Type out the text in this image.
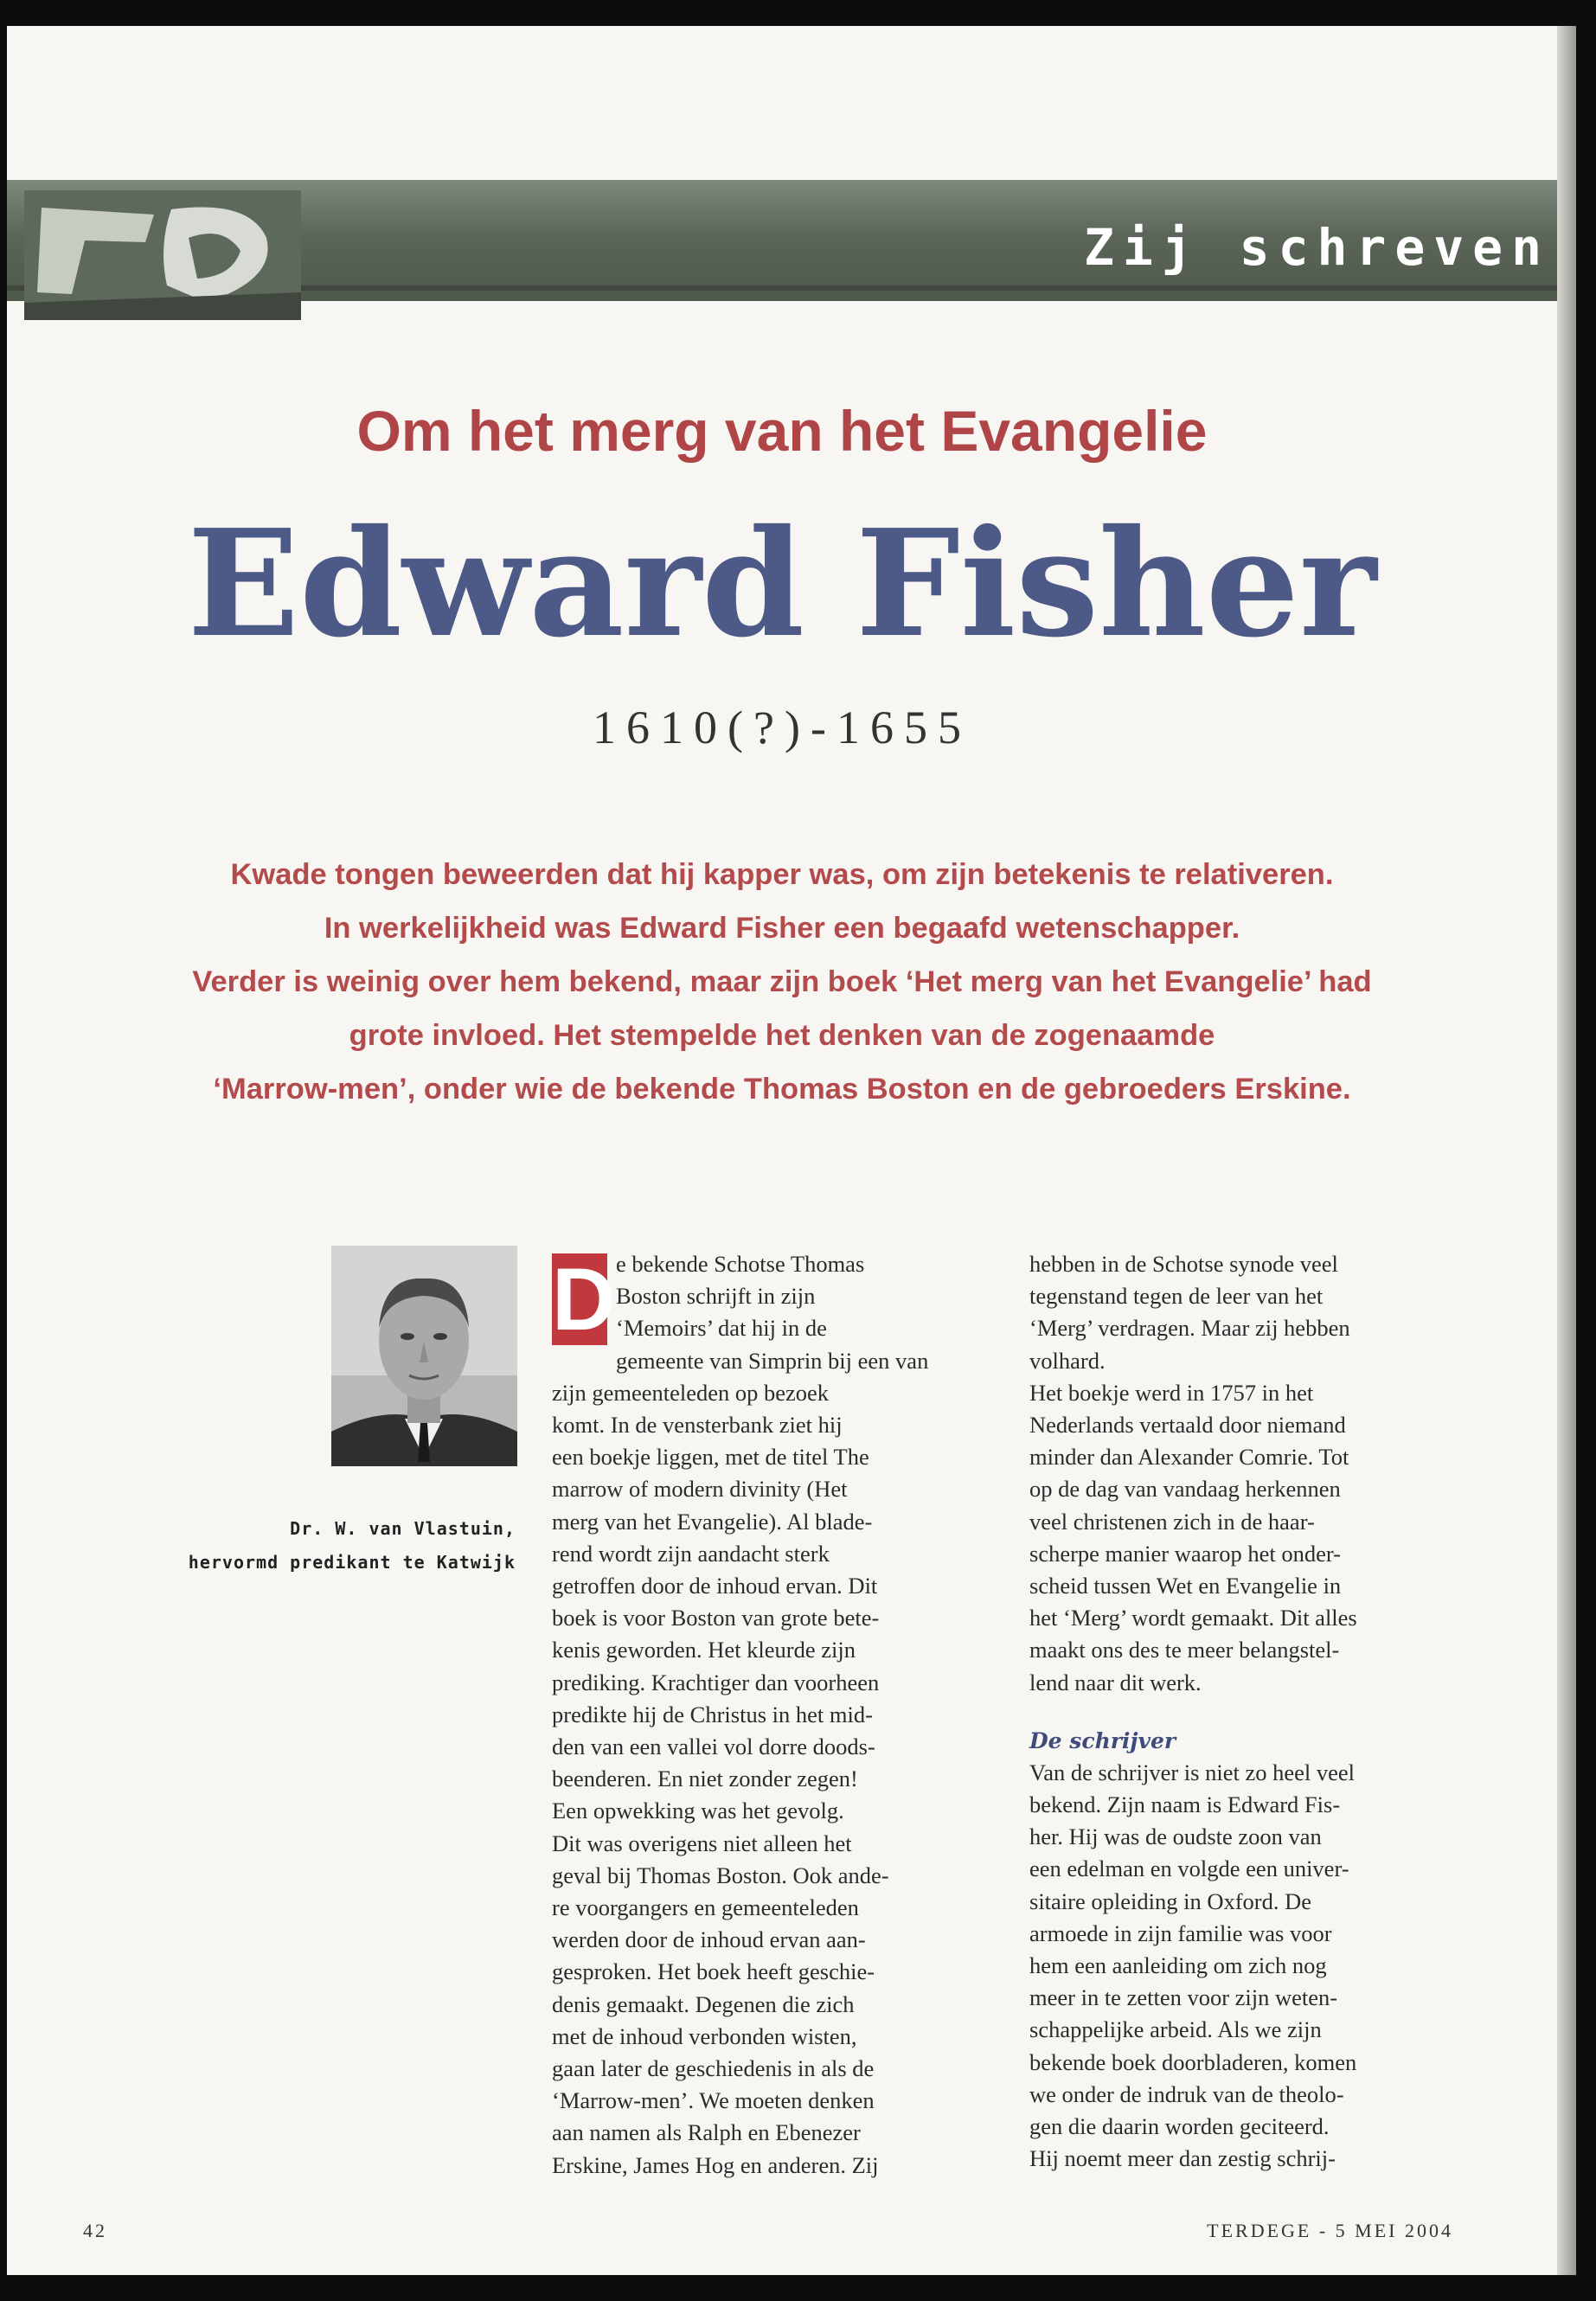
Zij schreven
Om het merg van het Evangelie
Edward Fisher

1610(?)-1655

Kwade tongen beweerden dat hij kapper was, om zijn betekenis te relativeren.
In werkelijkheid was Edward Fisher een begaafd wetenschapper.
Verder is weinig over hem bekend, maar zijn boek ‘Het merg van het Evangelie’ had
grote invloed. Het stempelde het denken van de zogenaamde
‘Marrow-men’, onder wie de bekende Thomas Boston en de gebroeders Erskine.

Dr. W. van Vlastuin,
hervormd predikant te Katwijk

D e bekende Schotse Thomas

Boston schrijft in zijn

‘Memoirs’ dat hij in de

gemeente van Simprin bij een van

zijn gemeenteleden op bezoek

komt. In de vensterbank ziet hij

een boekje liggen, met de titel The

marrow of modern divinity (Het

merg van het Evangelie). Al blade-

rend wordt zijn aandacht sterk

getroffen door de inhoud ervan. Dit

boek is voor Boston van grote bete-

kenis geworden. Het kleurde zijn

prediking. Krachtiger dan voorheen

predikte hij de Christus in het mid-

den van een vallei vol dorre doods-

beenderen. En niet zonder zegen!

Een opwekking was het gevolg.

Dit was overigens niet alleen het

geval bij Thomas Boston. Ook ande-

re voorgangers en gemeenteleden

werden door de inhoud ervan aan-

gesproken. Het boek heeft geschie-

denis gemaakt. Degenen die zich

met de inhoud verbonden wisten,

gaan later de geschiedenis in als de

‘Marrow-men’. We moeten denken

aan namen als Ralph en Ebenezer

Erskine, James Hog en anderen. Zij

hebben in de Schotse synode veel

tegenstand tegen de leer van het

‘Merg’ verdragen. Maar zij hebben

volhard.

Het boekje werd in 1757 in het

Nederlands vertaald door niemand

minder dan Alexander Comrie. Tot

op de dag van vandaag herkennen

veel christenen zich in de haar-

scherpe manier waarop het onder-

scheid tussen Wet en Evangelie in

het ‘Merg’ wordt gemaakt. Dit alles

maakt ons des te meer belangstel-

lend naar dit werk.

De schrijver

Van de schrijver is niet zo heel veel

bekend. Zijn naam is Edward Fis-

her. Hij was de oudste zoon van

een edelman en volgde een univer-

sitaire opleiding in Oxford. De

armoede in zijn familie was voor

hem een aanleiding om zich nog

meer in te zetten voor zijn weten-

schappelijke arbeid. Als we zijn

bekende boek doorbladeren, komen

we onder de indruk van de theolo-

gen die daarin worden geciteerd.

Hij noemt meer dan zestig schrij-

42	TERDEGE - 5 MEI 2004
